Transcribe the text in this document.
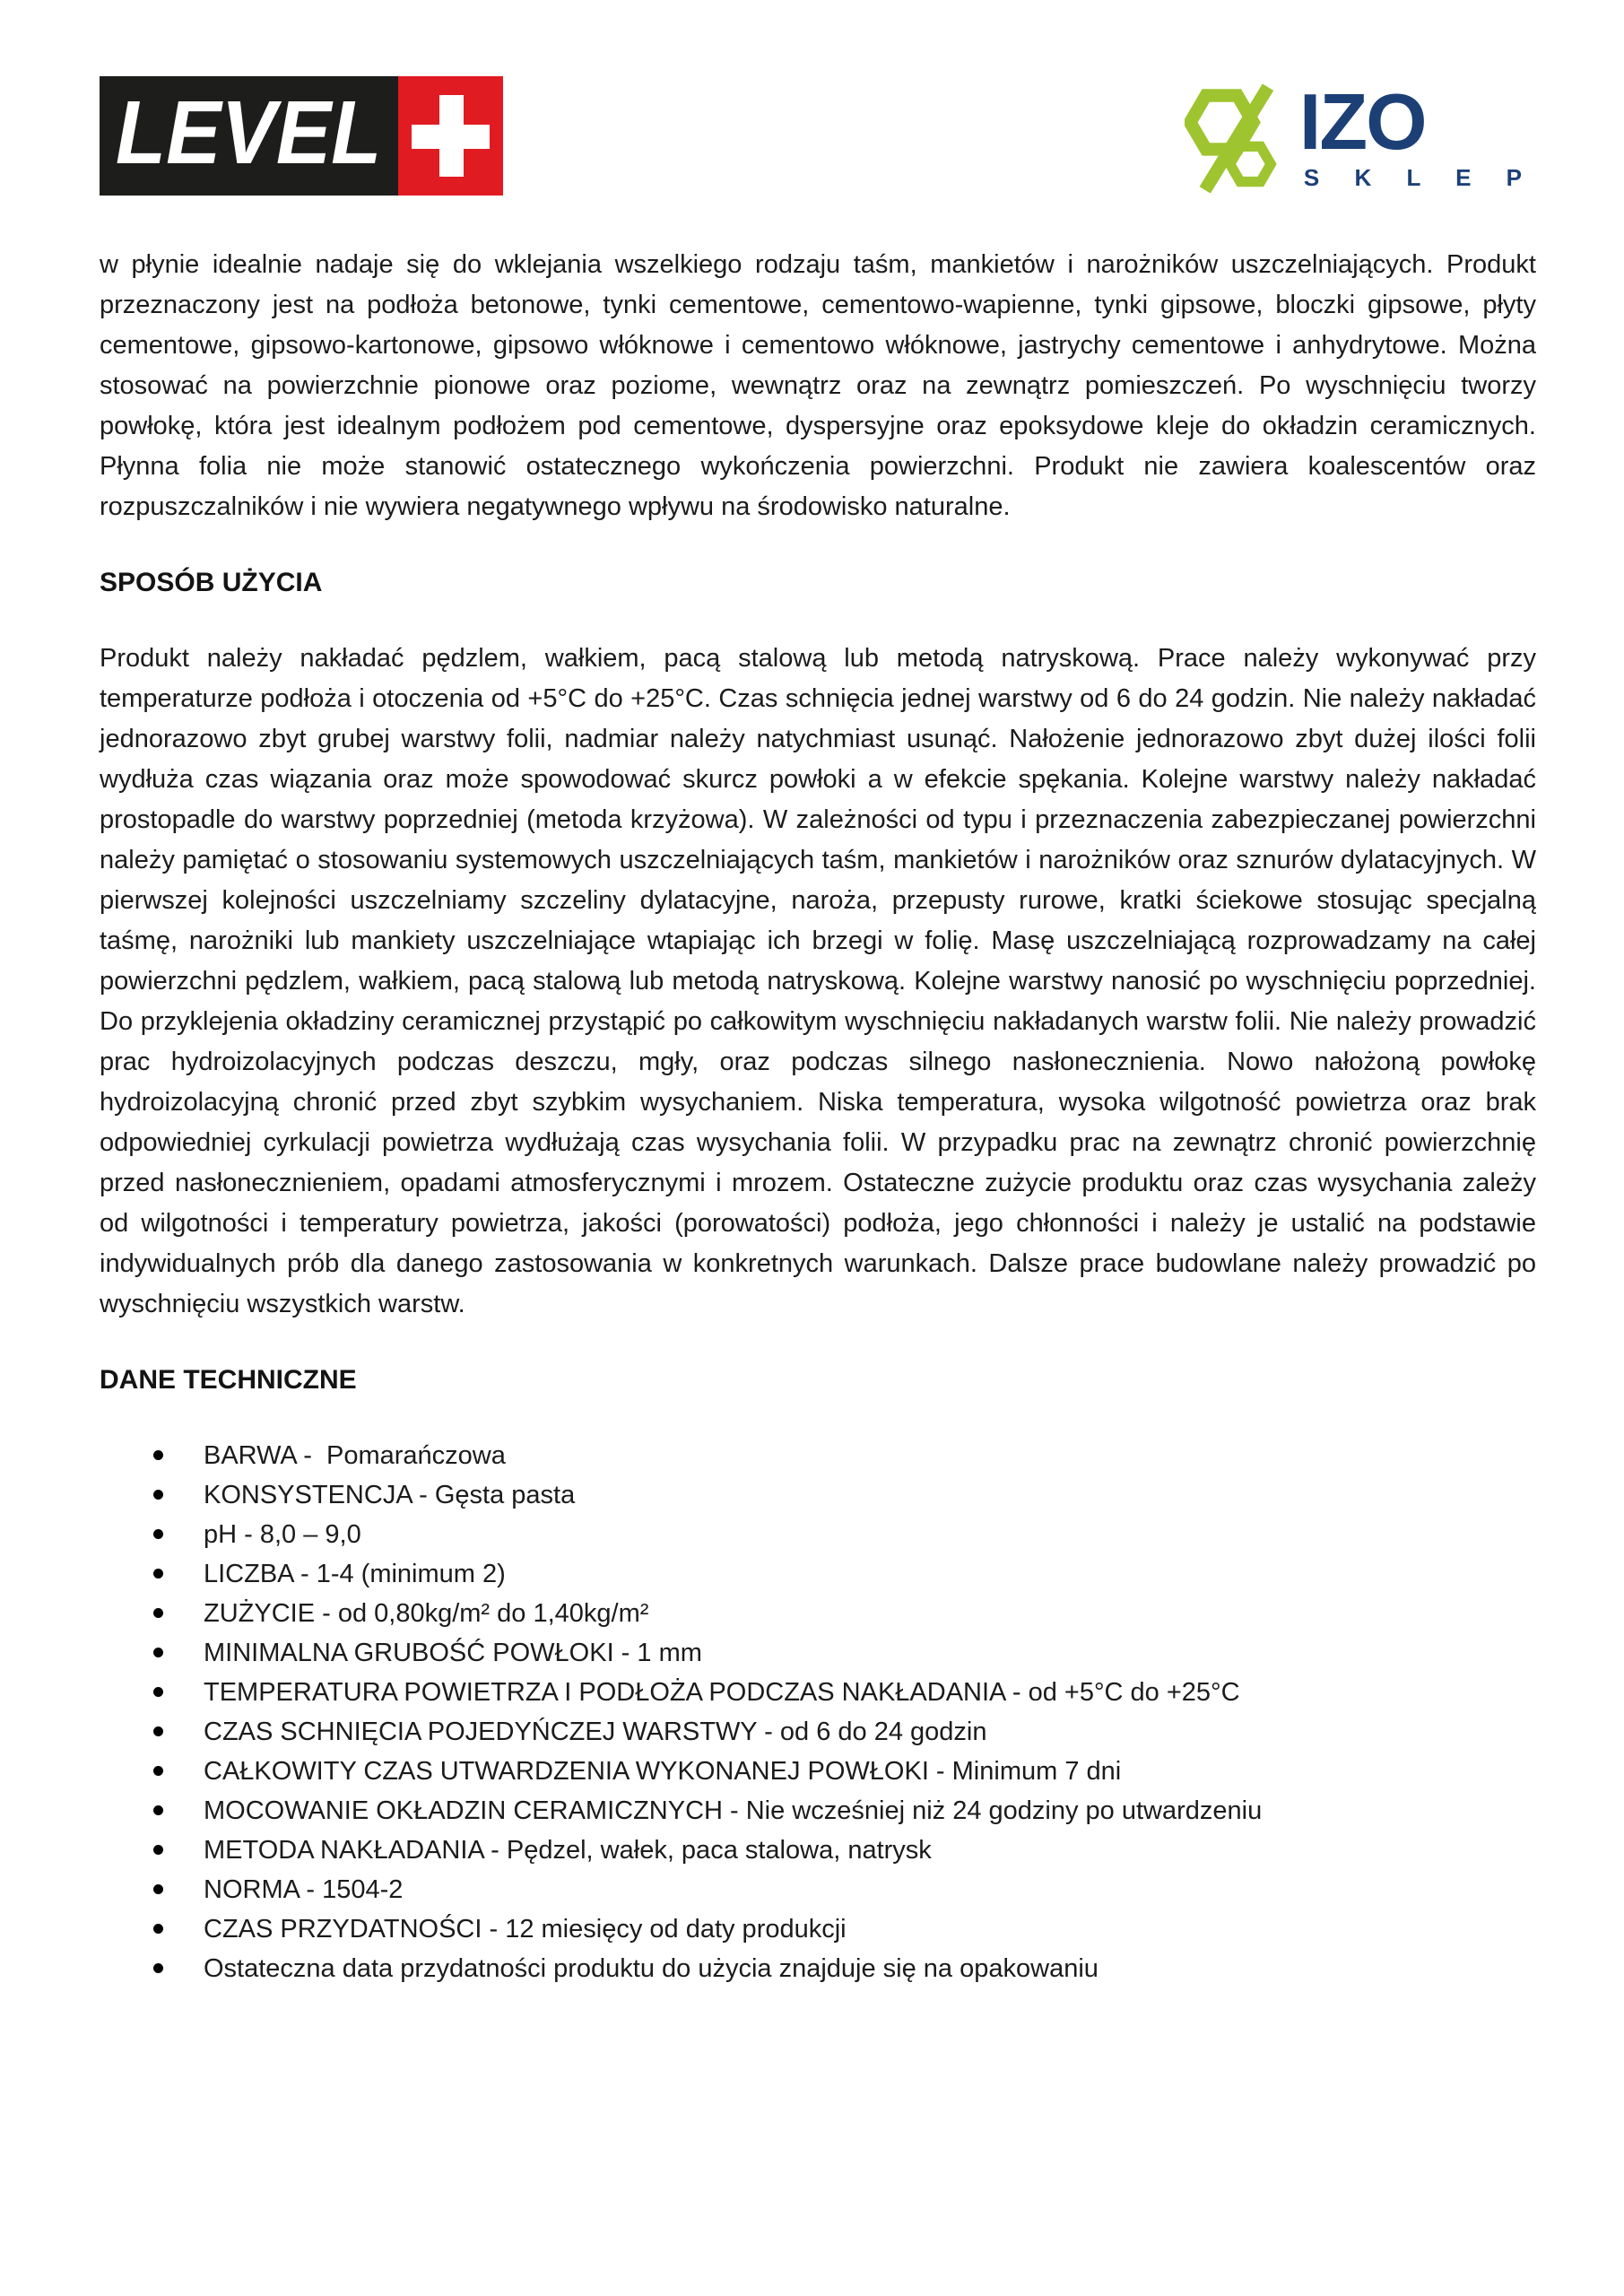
LEVEL	IZO
S K L E P

w płynie idealnie nadaje się do wklejania wszelkiego rodzaju taśm, mankietów i narożników uszczelniających. Produkt przeznaczony jest na podłoża betonowe, tynki cementowe, cementowo-wapienne, tynki gipsowe, bloczki gipsowe, płyty cementowe, gipsowo-kartonowe, gipsowo włóknowe i cementowo włóknowe, jastrychy cementowe i anhydrytowe. Można stosować na powierzchnie pionowe oraz poziome, wewnątrz oraz na zewnątrz pomieszczeń. Po wyschnięciu tworzy powłokę, która jest idealnym podłożem pod cementowe, dyspersyjne oraz epoksydowe kleje do okładzin ceramicznych. Płynna folia nie może stanowić ostatecznego wykończenia powierzchni. Produkt nie zawiera koalescentów oraz rozpuszczalników i nie wywiera negatywnego wpływu na środowisko naturalne.

SPOSÓB UŻYCIA

Produkt należy nakładać pędzlem, wałkiem, pacą stalową lub metodą natryskową. Prace należy wykonywać przy temperaturze podłoża i otoczenia od +5°C do +25°C. Czas schnięcia jednej warstwy od 6 do 24 godzin. Nie należy nakładać jednorazowo zbyt grubej warstwy folii, nadmiar należy natychmiast usunąć. Nałożenie jednorazowo zbyt dużej ilości folii wydłuża czas wiązania oraz może spowodować skurcz powłoki a w efekcie spękania. Kolejne warstwy należy nakładać prostopadle do warstwy poprzedniej (metoda krzyżowa). W zależności od typu i przeznaczenia zabezpieczanej powierzchni należy pamiętać o stosowaniu systemowych uszczelniających taśm, mankietów i narożników oraz sznurów dylatacyjnych. W pierwszej kolejności uszczelniamy szczeliny dylatacyjne, naroża, przepusty rurowe, kratki ściekowe stosując specjalną taśmę, narożniki lub mankiety uszczelniające wtapiając ich brzegi w folię. Masę uszczelniającą rozprowadzamy na całej powierzchni pędzlem, wałkiem, pacą stalową lub metodą natryskową. Kolejne warstwy nanosić po wyschnięciu poprzedniej. Do przyklejenia okładziny ceramicznej przystąpić po całkowitym wyschnięciu nakładanych warstw folii. Nie należy prowadzić prac hydroizolacyjnych podczas deszczu, mgły, oraz podczas silnego nasłonecznienia. Nowo nałożoną powłokę hydroizolacyjną chronić przed zbyt szybkim wysychaniem. Niska temperatura, wysoka wilgotność powietrza oraz brak odpowiedniej cyrkulacji powietrza wydłużają czas wysychania folii. W przypadku prac na zewnątrz chronić powierzchnię przed nasłonecznieniem, opadami atmosferycznymi i mrozem. Ostateczne zużycie produktu oraz czas wysychania zależy od wilgotności i temperatury powietrza, jakości (porowatości) podłoża, jego chłonności i należy je ustalić na podstawie indywidualnych prób dla danego zastosowania w konkretnych warunkach. Dalsze prace budowlane należy prowadzić po wyschnięciu wszystkich warstw.

DANE TECHNICZNE
BARWA -  Pomarańczowa
KONSYSTENCJA - Gęsta pasta
pH - 8,0 – 9,0
LICZBA - 1-4 (minimum 2)
ZUŻYCIE - od 0,80kg/m² do 1,40kg/m²
MINIMALNA GRUBOŚĆ POWŁOKI - 1 mm
TEMPERATURA POWIETRZA I PODŁOŻA PODCZAS NAKŁADANIA - od +5°C do +25°C
CZAS SCHNIĘCIA POJEDYŃCZEJ WARSTWY - od 6 do 24 godzin
CAŁKOWITY CZAS UTWARDZENIA WYKONANEJ POWŁOKI - Minimum 7 dni
MOCOWANIE OKŁADZIN CERAMICZNYCH - Nie wcześniej niż 24 godziny po utwardzeniu
METODA NAKŁADANIA - Pędzel, wałek, paca stalowa, natrysk
NORMA - 1504-2
CZAS PRZYDATNOŚCI - 12 miesięcy od daty produkcji
Ostateczna data przydatności produktu do użycia znajduje się na opakowaniu
